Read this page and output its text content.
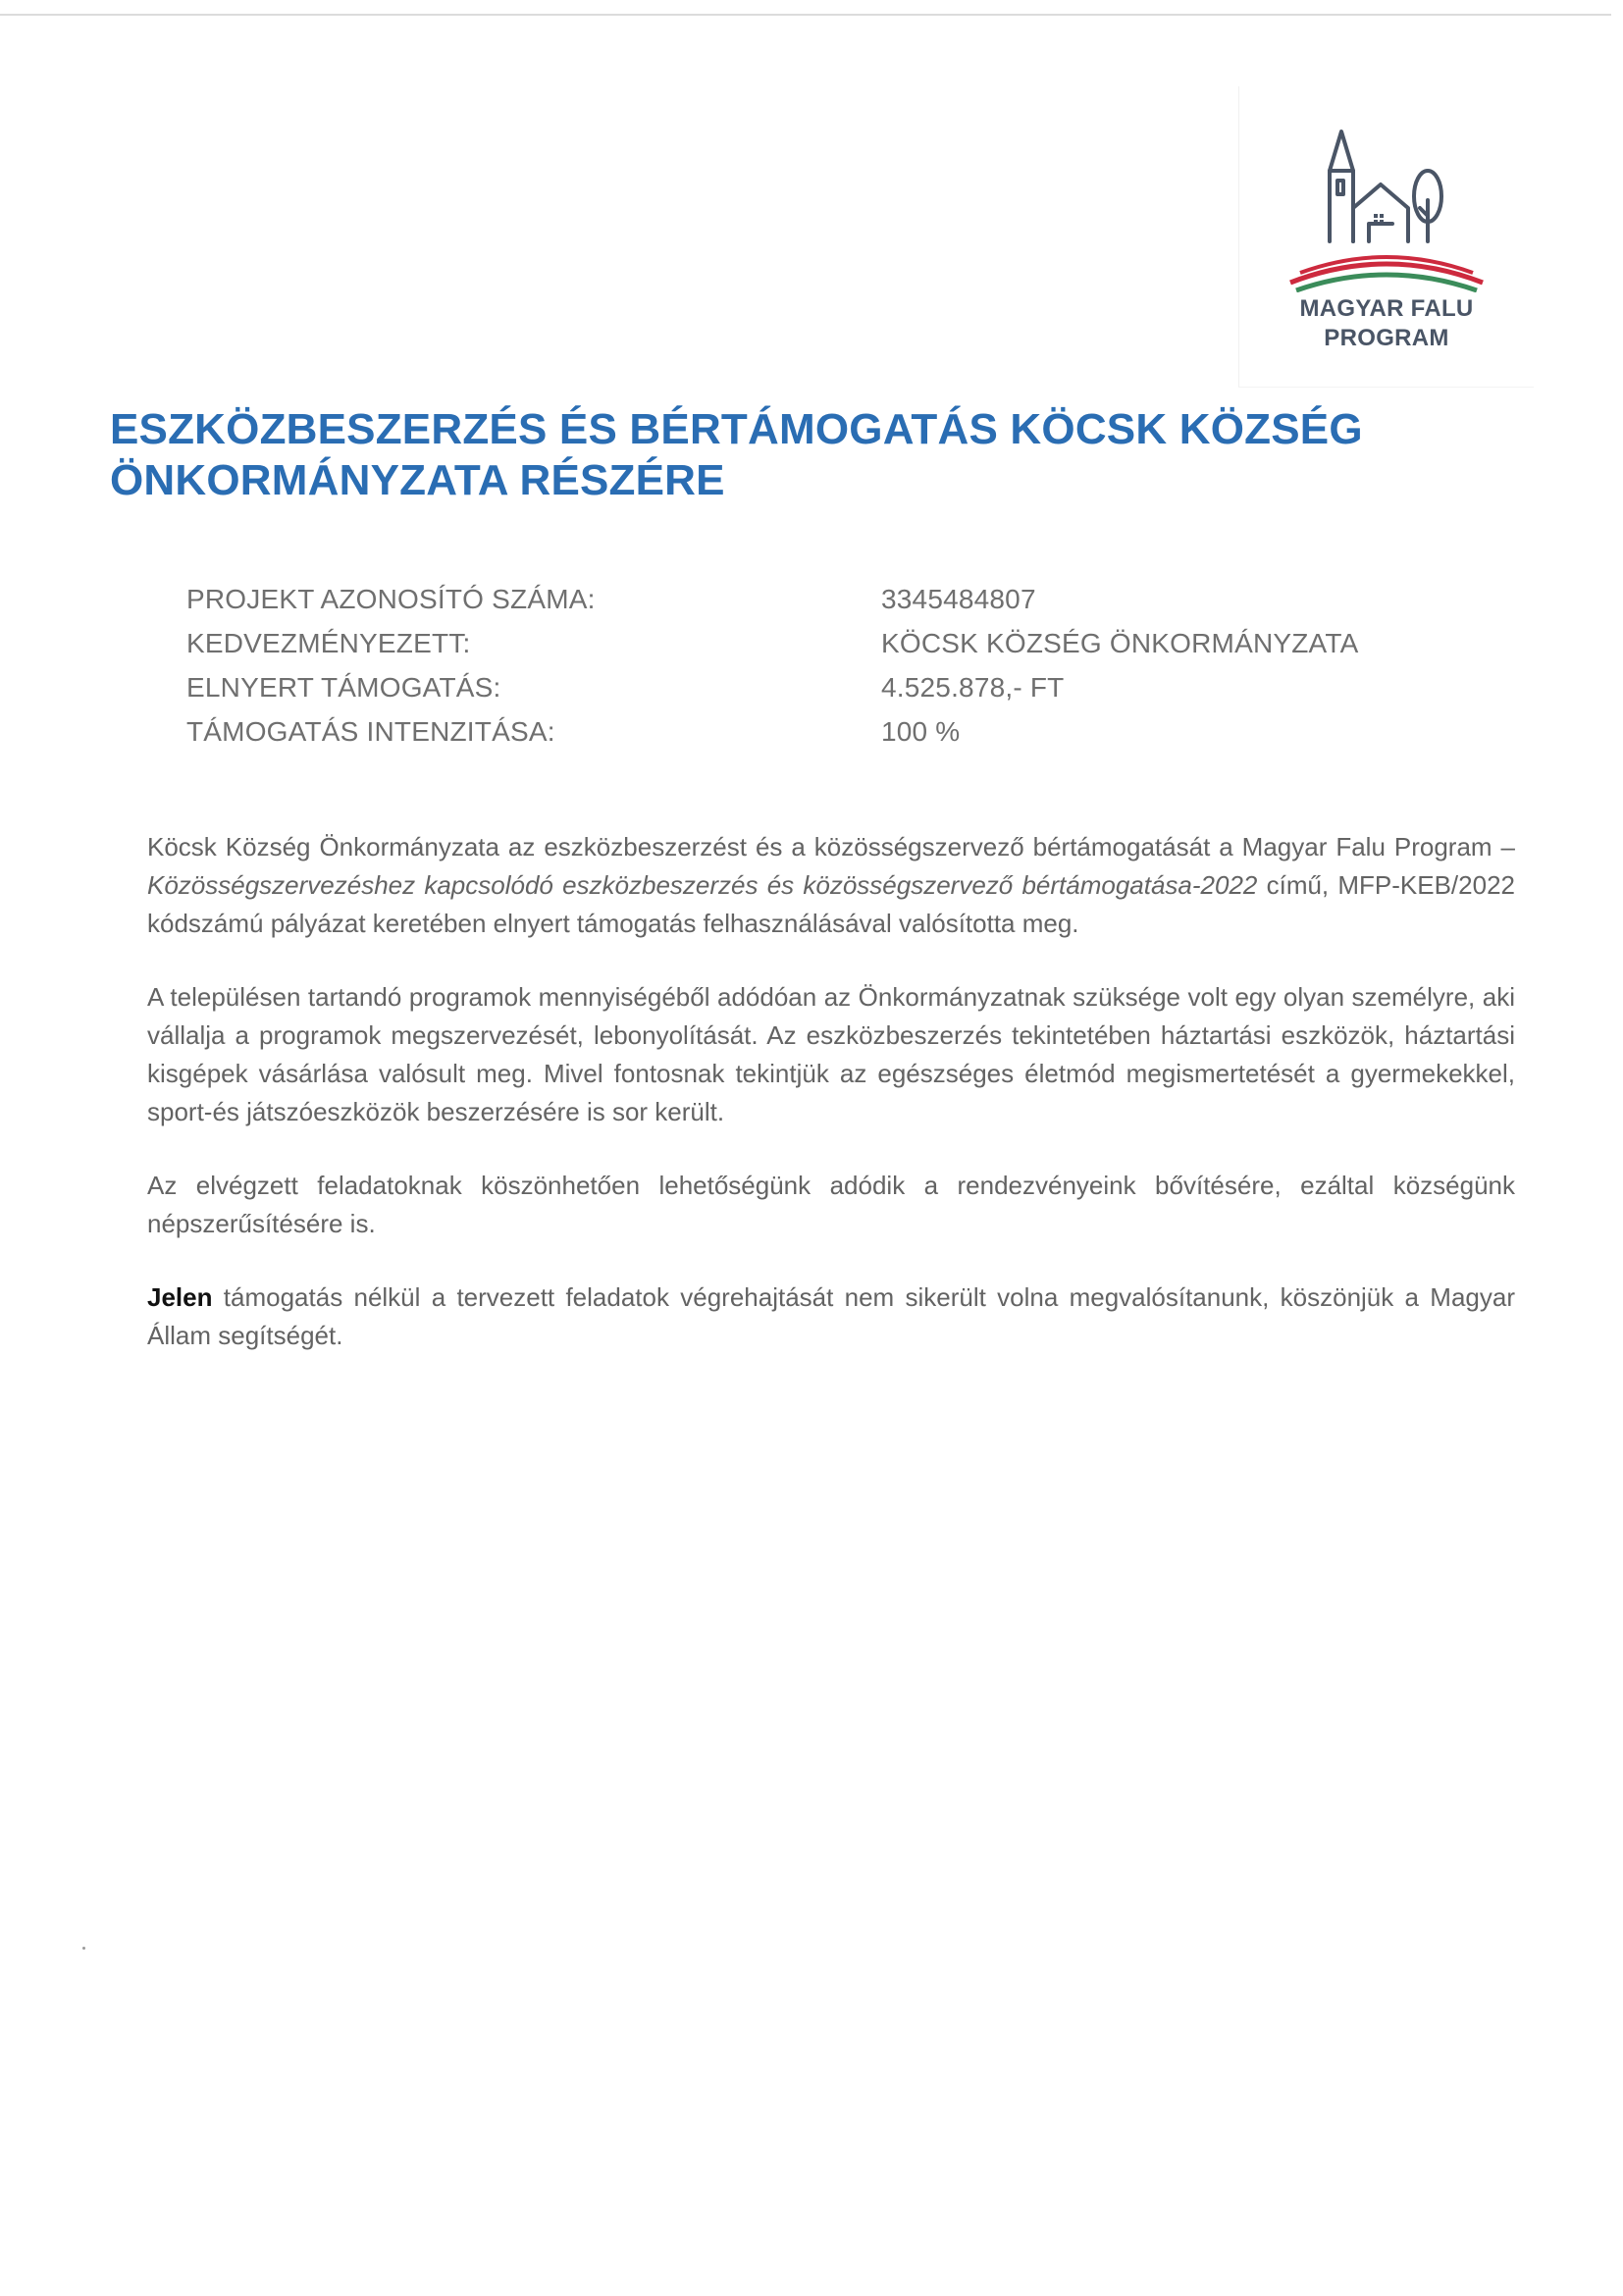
MAGYAR FALU
PROGRAM
ESZKÖZBESZERZÉS ÉS BÉRTÁMOGATÁS KÖCSK KÖZSÉG
ÖNKORMÁNYZATA RÉSZÉRE
PROJEKT AZONOSÍTÓ SZÁMA:	3345484807
KEDVEZMÉNYEZETT:	KÖCSK KÖZSÉG ÖNKORMÁNYZATA
ELNYERT TÁMOGATÁS:	4.525.878,- FT
TÁMOGATÁS INTENZITÁSA:	100 %

Köcsk Község Önkormányzata az eszközbeszerzést és a közösségszervező bértámogatását a Magyar Falu Program – Közösségszervezéshez kapcsolódó eszközbeszerzés és közösségszervező bértámogatása-2022 című, MFP-KEB/2022 kódszámú pályázat keretében elnyert támogatás felhasználásával valósította meg.

A településen tartandó programok mennyiségéből adódóan az Önkormányzatnak szüksége volt egy olyan személyre, aki vállalja a programok megszervezését, lebonyolítását. Az eszközbeszerzés tekintetében háztartási eszközök, háztartási kisgépek vásárlása valósult meg. Mivel fontosnak tekintjük az egészséges életmód megismertetését a gyermekekkel, sport-és játszóeszközök beszerzésére is sor került.

Az elvégzett feladatoknak köszönhetően lehetőségünk adódik a rendezvényeink bővítésére, ezáltal községünk népszerűsítésére is.

Jelen támogatás nélkül a tervezett feladatok végrehajtását nem sikerült volna megvalósítanunk, köszönjük a Magyar Állam segítségét.
